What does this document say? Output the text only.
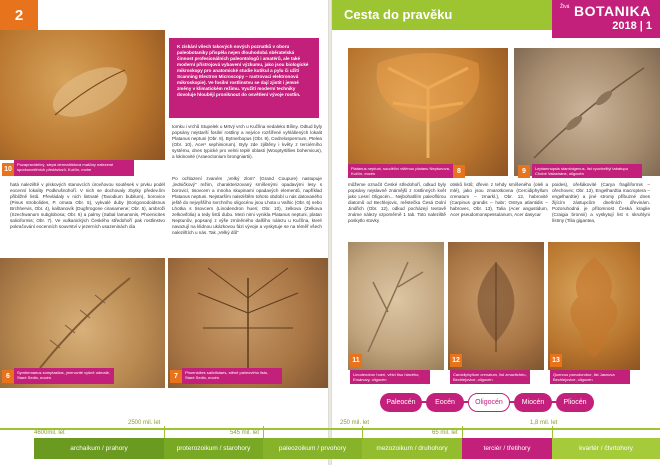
2
10
Pozapravidelný, slepá dermatitidová mašliny nalezené spodnovnitřních předávlozlí, Kučlín, mohe
K získání všech takových nových poznatků v oboru paleobotaniky přispěla nejen dlouhodobá sběratelská činnost profesionálních paleontologů i amatérů, ale také moderní přístrojová vybavení výzkumu, jako jsou biologické mikroskopy pro anatomické studie kutikul a pylu či užití Scanning Electron Microscopy – rastrovací elektronová mikroskopie). Ve fosilní rostlinstvu se dají zjistit i jemné změny v klimatickém režimu. Využití moderní techniky dovoluje hloubějí proniknout do osvětlení vývoje rostlin.
tomku i vrchů Stupelek u Mrtvý vrch u Kučlína nedaleko Bíliny. Odtud byly popsány nejstarší fosilní rostliny a nejvíce rozšířené vyhlášených lokalit Platanus neptuni (Obr. 8), Bytnerbopus (Obr. 9), Cedrelospermum, Ptelea (Obr. 10), Acer¹ sephiniorum). Byly zde zjištěny i květy z terciérního systému, dnes typické pro velmi teplé oblasti (Wooptyrtillies bohemicus), a lokinovité (Araeoctonium brongniartii).
Po ochlazení zvaném „Velký zlom“ (Grand Coupure) nastupuje „ledničkový“ režim, charakterizovaný smíšenými opadavými lesy s borovicí, tisovcem a mnoha skupinami opadavých elementů, například Platanus neptuni. Nejstarším nalezištěm tohoto období u nás datovaného ještě do nejvyššího svrchního oligocénu jsou Lhota u Valhic (Obr. 6) nebo Lhotka s tisovcem (Linodendron hueri; Obr. 10), zelkova (Zelkova zelkovifolia) a tedy listů dubu. Mezi nimi vynikla Platanus neptuni, platan Neptunův, popsaný z výše zmíněného dalšího nálezu u Kučlína, které navazují na klidnou ukázkovou fázi vývoje a vyskytuje se na téměř všech nalezištích u nás. Tak „Velký důl“
hatá naleziště v pískových stanovcích úrovňovou soutěsek v prvku podél eocenní lokality Podkrušnohoří. V nich se dochovaly zbytky předev.lím přibližně listů. Převládaly v nich listnaté (Taxodium bubilum), borovice (Pinus strobolides, P. ornata Obr. 5), vykvalé duby (Eorigonodoidsnus Brchhervis, Obr. 4), kaštanovík (Dugfrrogone ciranamene; Obr. 5), ambroži (Szechwanum subglobosa; Obr. 6) a palmy (Sabal lamanonis, Phoenicites saliciformis; Obr. 7). Ve vulkanických Českého středohoří pak rostlinstvo pokračování eocenních souvrství v jezerních usazeninách dia
6
Symbirmaeus somptasilos, jmenovité vyšně odmalé, Staré Sedlo, eocén	7
Phoenicites salicifolaes, stěně palmového listu, Staré Sedlo, eocén
Cesta do pravěku	Živá BOTANIKA
2018 | 1
Platanus neptuni, soudělíví vštěnou platanu Neptunova, Kučlín, eocén	8	Leptamnopsis staminigenus, list vyochelitýi tabatupu Chobé Valastráne, oligocén
9
můžeme označit České středohoří, odkud byly popsány nejslavně známější z rostlinných květ jako Lesní Oligocén... Nejbohatším paleoflórou diatomů od Bechlejovic, městečka Česá Dolní Jindřich (Obr. 12), odkud pocházejí textově známe nálezy vzpoměrně 1 tab. Toto naleziště poskytlo stovky
otisků listů; dřevin z tehdy smíšeného (oleli a mlé), jako jsou zmarotkovna (Cercidiphyllum crenatum – zmarkl.), Obr. 12, habrovité (Carpinus grandis – habr; Ostrya atlantidis – habrovec, Obr. 13), Talia (Acer angustidum, Acer pseudomonspessulanum, Acer dasycar
poides), ořešákovité (Carya fragiliformis – ořechovec; Obr. 13), Engelhardtia macroptera – engelhardtie) a jiné stromy příbuzné dnes žijícím zástupcům dnešních dřevinám. Pozoruhodná je přítomnost Česká kraglie (Craigia bronnii) a vyskytují list s skruhlyni lístmy (Tilia gigantea,
11
Linodendron hueri, větví tisu hlavého, Ersánovy, oligocén
12
Carcidiphyllum crenatum, list zmavitchéu, Bechlejovice, oligocén
13
Quercus pseudorobur, list Jasnova Bechlejovice, oligocén
Paleocén	Eocén	Oligocén	Miocén	Pliocén
4600mil. let
2500 mil. let
545 mil. let
250 mil. let
65 mil. let
1,8 mil. let
archaikum / prahory	proterozoikum / starohory	paleozoikum / prvohory	mezozoikum / druhohory	terciér / třetihory	kvartér / čtvrtohory
